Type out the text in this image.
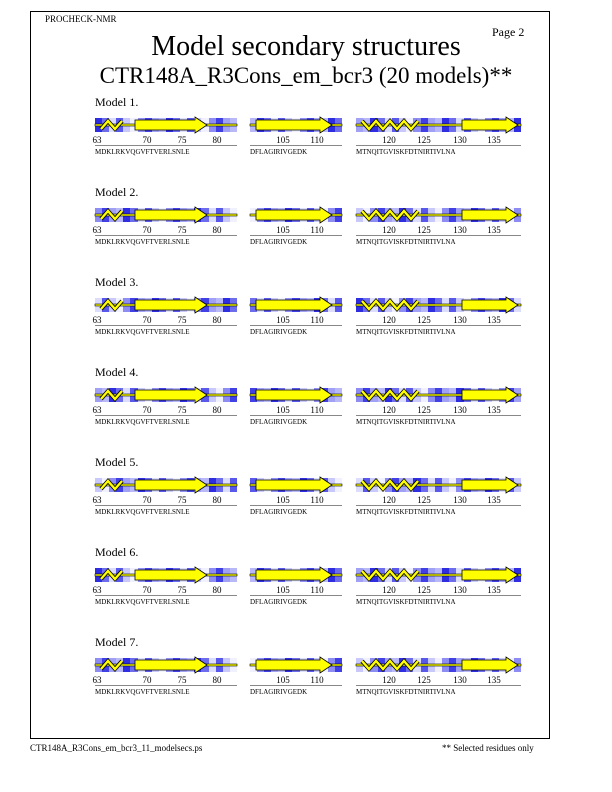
PROCHECK-NMR
Page 2
Model secondary structures
CTR148A_R3Cons_em_bcr3 (20 models)**
Model 1.
63	70	75	80
MDKLRKVQGVFTVERLSNLE
105	110
DFLAGIRIVGEDK
120	125	130	135
MTNQITGVISKFDTNIRTIVLNA
Model 2.
63	70	75	80
MDKLRKVQGVFTVERLSNLE
105	110
DFLAGIRIVGEDK
120	125	130	135
MTNQITGVISKFDTNIRTIVLNA
Model 3.
63	70	75	80
MDKLRKVQGVFTVERLSNLE
105	110
DFLAGIRIVGEDK
120	125	130	135
MTNQITGVISKFDTNIRTIVLNA
Model 4.
63	70	75	80
MDKLRKVQGVFTVERLSNLE
105	110
DFLAGIRIVGEDK
120	125	130	135
MTNQITGVISKFDTNIRTIVLNA
Model 5.
63	70	75	80
MDKLRKVQGVFTVERLSNLE
105	110
DFLAGIRIVGEDK
120	125	130	135
MTNQITGVISKFDTNIRTIVLNA
Model 6.
63	70	75	80
MDKLRKVQGVFTVERLSNLE
105	110
DFLAGIRIVGEDK
120	125	130	135
MTNQITGVISKFDTNIRTIVLNA
Model 7.
63	70	75	80
MDKLRKVQGVFTVERLSNLE
105	110
DFLAGIRIVGEDK
120	125	130	135
MTNQITGVISKFDTNIRTIVLNA
CTR148A_R3Cons_em_bcr3_11_modelsecs.ps	** Selected residues only
